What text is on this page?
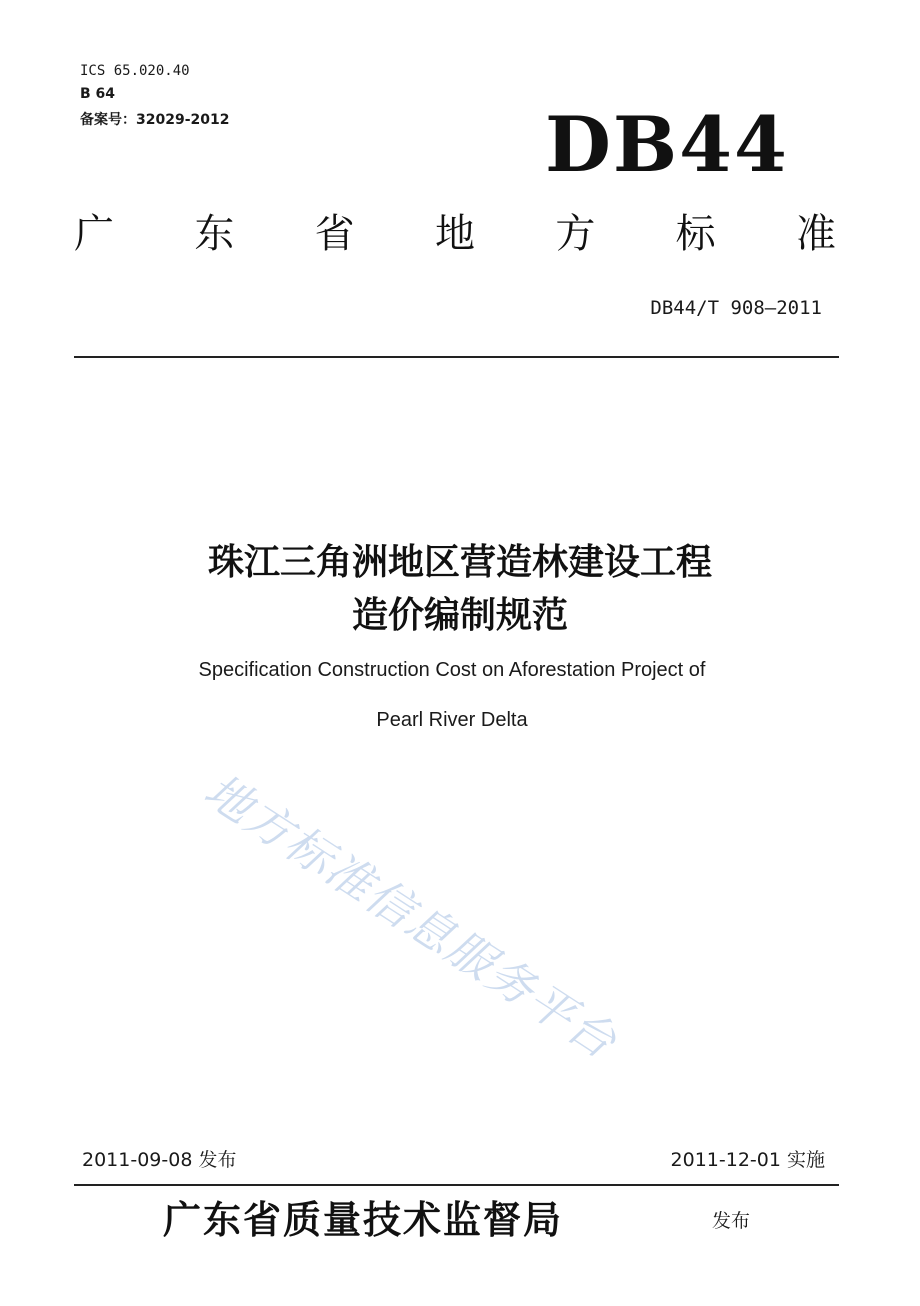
ICS 65.020.40
B 64
备案号：32029-2012	DB44
广 东 省 地 方 标 准
DB44/T 908—2011
珠江三角洲地区营造林建设工程
造价编制规范
Specification Construction Cost on Aforestation Project of
Pearl River Delta
地方标准信息服务平台
2011-09-08 发布	2011-12-01 实施
广东省质量技术监督局	发布
